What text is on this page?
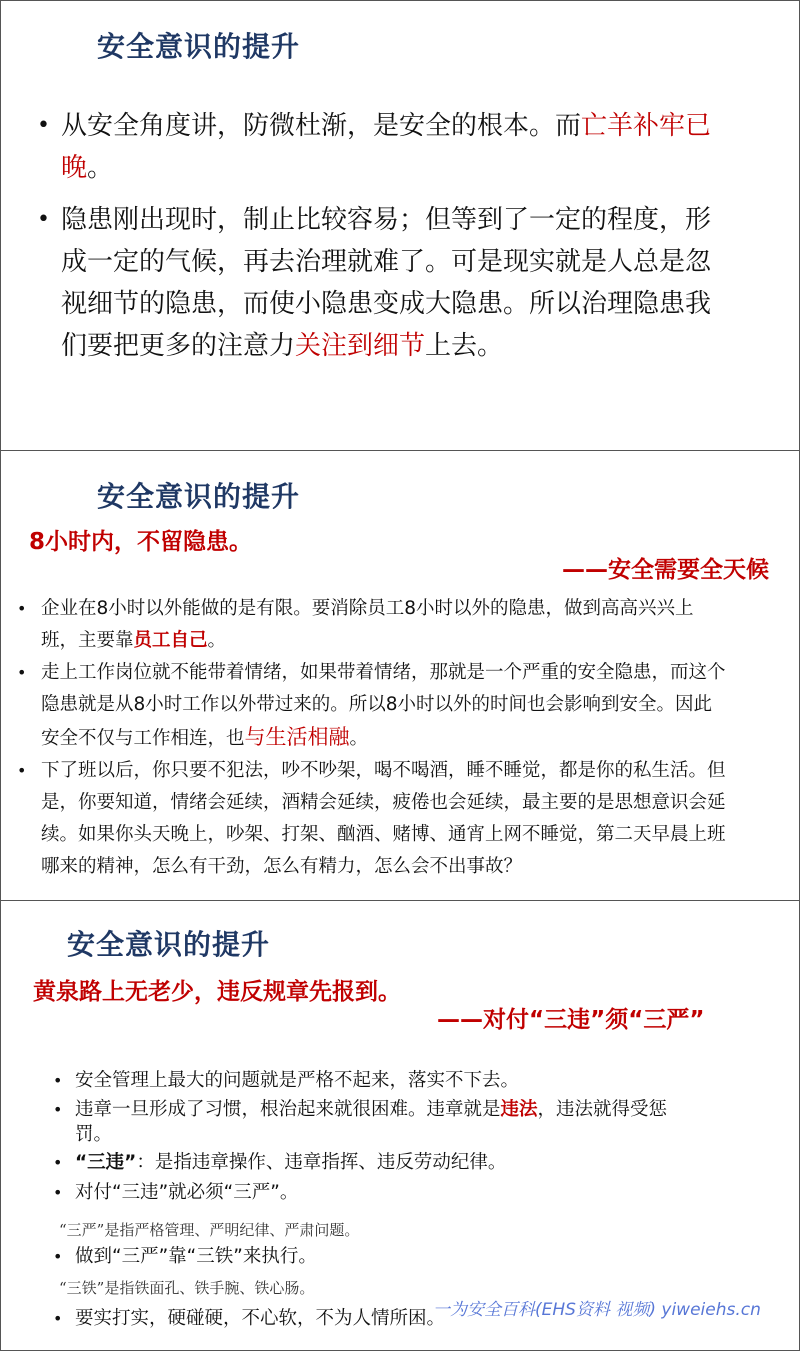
安全意识的提升
• 从安全角度讲，防微杜渐，是安全的根本。而亡羊补牢已晚。
• 隐患刚出现时，制止比较容易；但等到了一定的程度，形成一定的气候，再去治理就难了。可是现实就是人总是忽视细节的隐患，而使小隐患变成大隐患。所以治理隐患我们要把更多的注意力关注到细节上去。
安全意识的提升
8小时内，不留隐患。
——安全需要全天候
• 企业在8小时以外能做的是有限。要消除员工8小时以外的隐患，做到高高兴兴上班，主要靠员工自己。
• 走上工作岗位就不能带着情绪，如果带着情绪，那就是一个严重的安全隐患，而这个隐患就是从8小时工作以外带过来的。所以8小时以外的时间也会影响到安全。因此安全不仅与工作相连，也与生活相融。
• 下了班以后，你只要不犯法，吵不吵架，喝不喝酒，睡不睡觉，都是你的私生活。但是，你要知道，情绪会延续，酒精会延续，疲倦也会延续，最主要的是思想意识会延续。如果你头天晚上，吵架、打架、酗酒、赌博、通宵上网不睡觉，第二天早晨上班哪来的精神，怎么有干劲，怎么有精力，怎么会不出事故？
安全意识的提升
黄泉路上无老少，违反规章先报到。
——对付“三违”须“三严”
• 安全管理上最大的问题就是严格不起来，落实不下去。
• 违章一旦形成了习惯，根治起来就很困难。违章就是违法，违法就得受惩罚。
• “三违”：是指违章操作、违章指挥、违反劳动纪律。
• 对付“三违”就必须“三严”。
“三严”是指严格管理、严明纪律、严肃问题。
• 做到“三严”靠“三铁”来执行。
“三铁”是指铁面孔、铁手腕、铁心肠。
• 要实打实，硬碰硬，不心软，不为人情所困。
一为安全百科(EHS资料 视频) yiweiehs.cn
